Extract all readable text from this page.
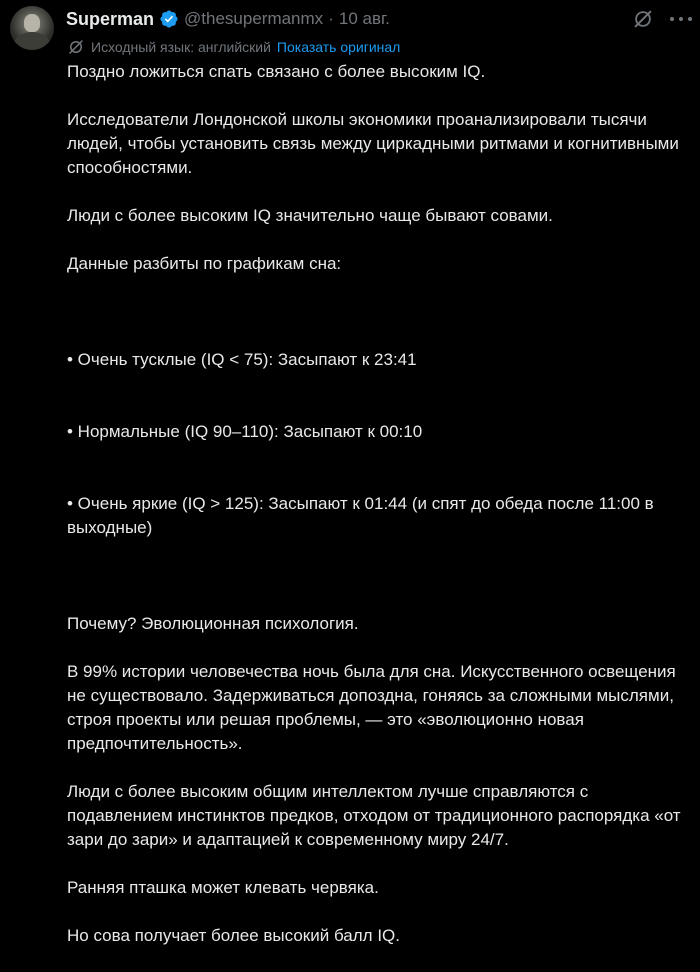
Superman @thesupermanmx · 10 авг.
Исходный язык: английский Показать оригинал
Поздно ложиться спать связано с более высоким IQ.
Исследователи Лондонской школы экономики проанализировали тысячи людей, чтобы установить связь между циркадными ритмами и когнитивными способностями.
Люди с более высоким IQ значительно чаще бывают совами.
Данные разбиты по графикам сна:

• Очень тусклые (IQ < 75): Засыпают к 23:41

• Нормальные (IQ 90–110): Засыпают к 00:10

• Очень яркие (IQ > 125): Засыпают к 01:44 (и спят до обеда после 11:00 в выходные)

Почему? Эволюционная психология.
В 99% истории человечества ночь была для сна. Искусственного освещения не существовало. Задерживаться допоздна, гоняясь за сложными мыслями, строя проекты или решая проблемы, — это «эволюционно новая предпочтительность».
Люди с более высоким общим интеллектом лучше справляются с подавлением инстинктов предков, отходом от традиционного распорядка «от зари до зари» и адаптацией к современному миру 24/7.
Ранняя пташка может клевать червяка.
Но сова получает более высокий балл IQ.
